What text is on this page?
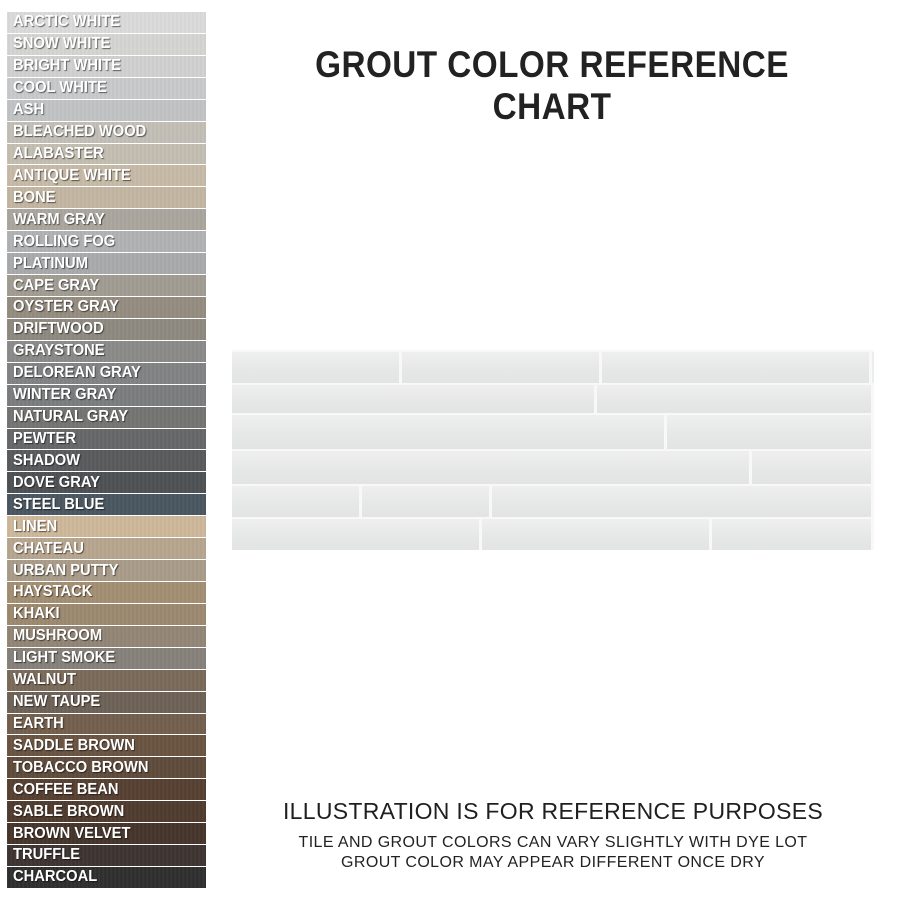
ARCTIC WHITE
SNOW WHITE
BRIGHT WHITE
COOL WHITE
ASH
BLEACHED WOOD
ALABASTER
ANTIQUE WHITE
BONE
WARM GRAY
ROLLING FOG
PLATINUM
CAPE GRAY
OYSTER GRAY
DRIFTWOOD
GRAYSTONE
DELOREAN GRAY
WINTER GRAY
NATURAL GRAY
PEWTER
SHADOW
DOVE GRAY
STEEL BLUE
LINEN
CHATEAU
URBAN PUTTY
HAYSTACK
KHAKI
MUSHROOM
LIGHT SMOKE
WALNUT
NEW TAUPE
EARTH
SADDLE BROWN
TOBACCO BROWN
COFFEE BEAN
SABLE BROWN
BROWN VELVET
TRUFFLE
CHARCOAL
GROUT COLOR REFERENCE CHART
ILLUSTRATION IS FOR REFERENCE PURPOSES
TILE AND GROUT COLORS CAN VARY SLIGHTLY WITH DYE LOT
GROUT COLOR MAY APPEAR DIFFERENT ONCE DRY
